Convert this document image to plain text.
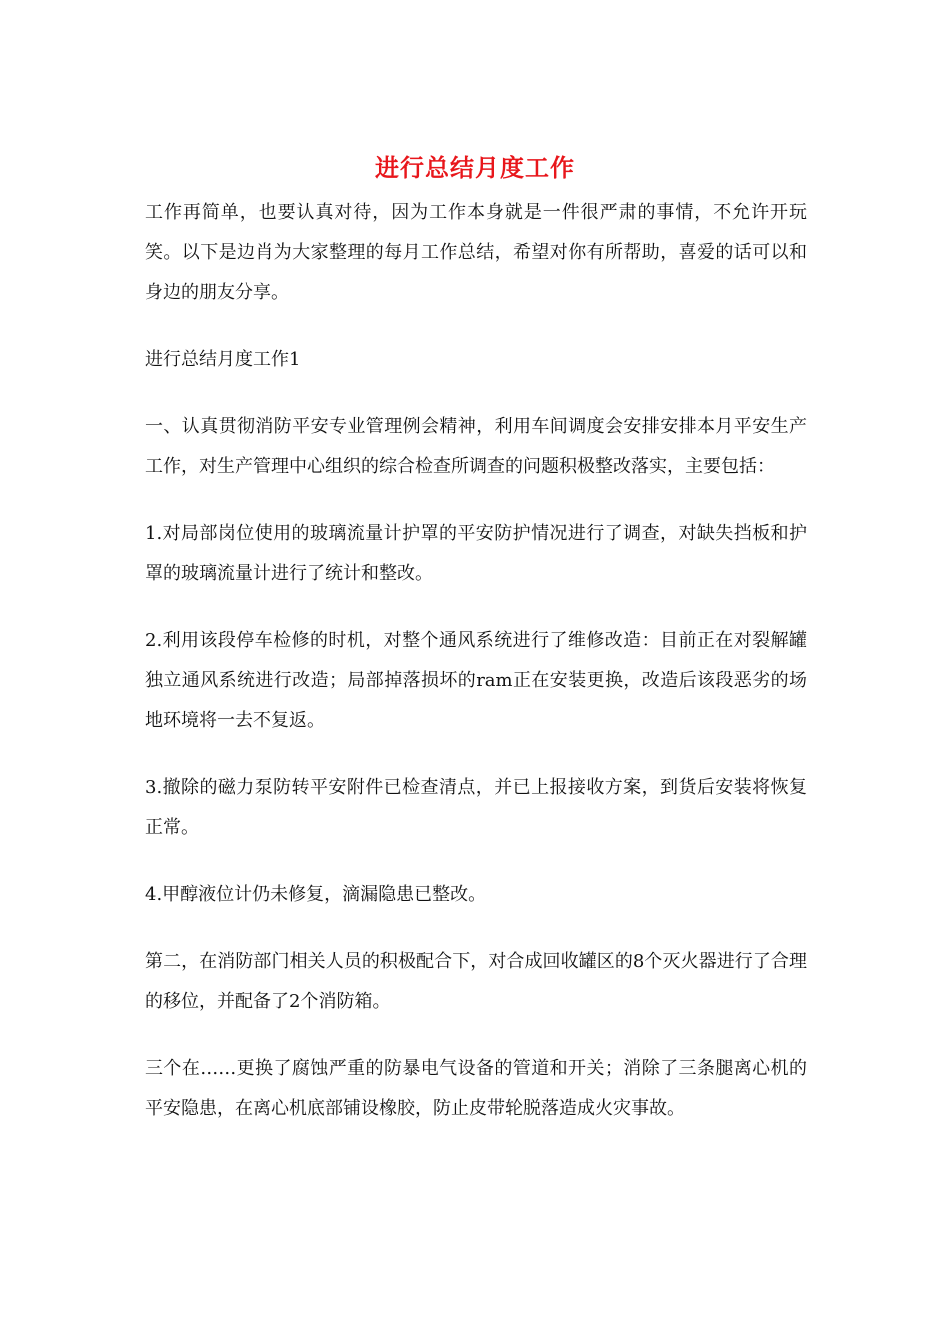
进行总结月度工作

工作再简单，也要认真对待，因为工作本身就是一件很严肃的事情，不允许开玩笑。以下是边肖为大家整理的每月工作总结，希望对你有所帮助，喜爱的话可以和身边的朋友分享。

进行总结月度工作1

一、认真贯彻消防平安专业管理例会精神，利用车间调度会安排安排本月平安生产工作，对生产管理中心组织的综合检查所调查的问题积极整改落实，主要包括：

1.对局部岗位使用的玻璃流量计护罩的平安防护情况进行了调查，对缺失挡板和护罩的玻璃流量计进行了统计和整改。

2.利用该段停车检修的时机，对整个通风系统进行了维修改造：目前正在对裂解罐独立通风系统进行改造；局部掉落损坏的ram正在安装更换，改造后该段恶劣的场地环境将一去不复返。

3.撤除的磁力泵防转平安附件已检查清点，并已上报接收方案，到货后安装将恢复正常。

4.甲醇液位计仍未修复，滴漏隐患已整改。

第二，在消防部门相关人员的积极配合下，对合成回收罐区的8个灭火器进行了合理的移位，并配备了2个消防箱。

三个在……更换了腐蚀严重的防暴电气设备的管道和开关；消除了三条腿离心机的平安隐患，在离心机底部铺设橡胶，防止皮带轮脱落造成火灾事故。
